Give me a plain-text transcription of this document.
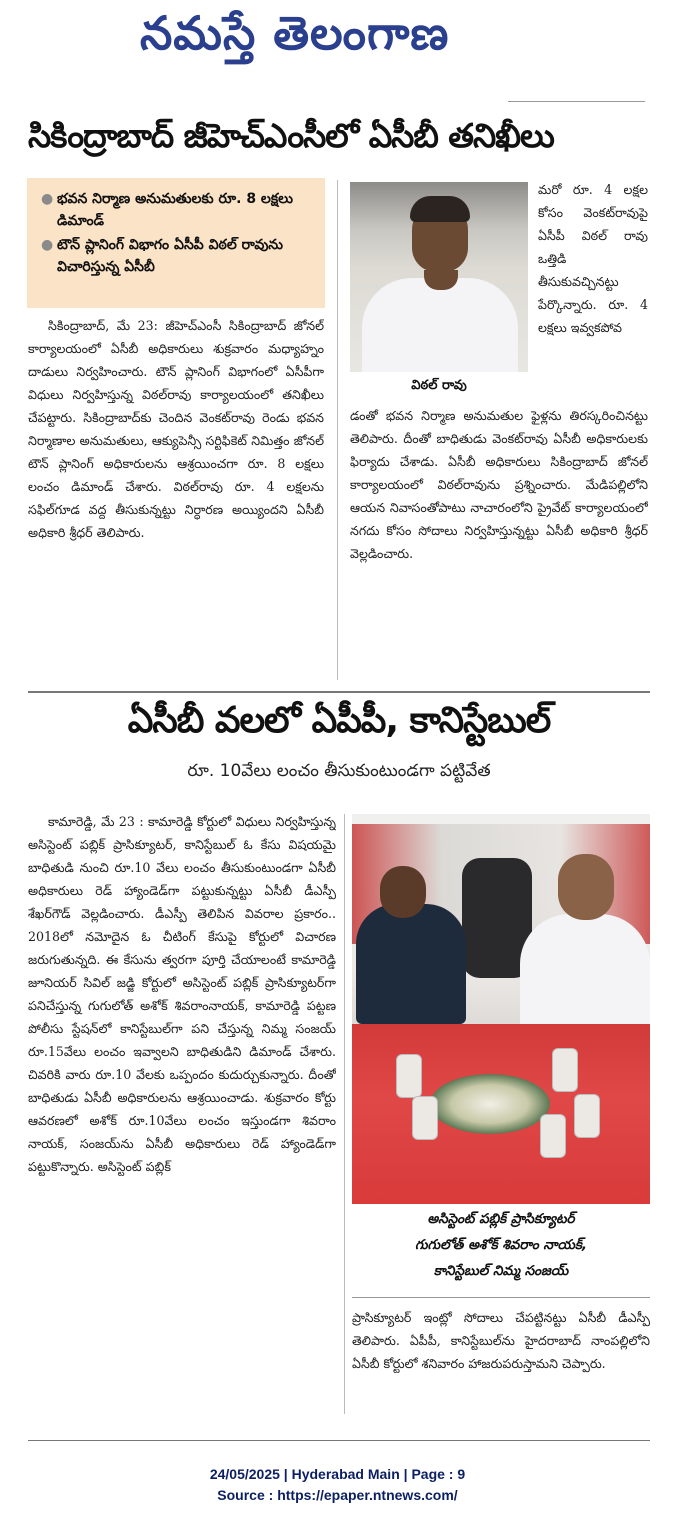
నమస్తే తెలంగాణ
సికింద్రాబాద్ జీహెచ్ఎంసీలో ఏసీబీ తనిఖీలు
● భవన నిర్మాణ అనుమతులకు రూ. 8 లక్షలు డిమాండ్
● టౌన్ ప్లానింగ్ విభాగం ఏసీపీ విఠల్ రావును విచారిస్తున్న ఏసీబీ
సికింద్రాబాద్, మే 23: జీహెచ్ఎంసీ సికింద్రాబాద్ జోనల్ కార్యాలయంలో ఏసీబీ అధికారులు శుక్రవారం మధ్యాహ్నం దాడులు నిర్వహించారు. టౌన్ ప్లానింగ్ విభాగంలో ఏసీపీగా విధులు నిర్వహిస్తున్న విఠల్‌రావు కార్యాలయంలో తనిఖీలు చేపట్టారు. సికింద్రాబాద్‌కు చెందిన వెంకట్‌రావు రెండు భవన నిర్మాణాల అనుమతులు, ఆక్యుపెన్సీ సర్టిఫికెట్ నిమిత్తం జోనల్ టౌన్ ప్లానింగ్ అధికారులను ఆశ్రయించగా రూ. 8 లక్షలు లంచం డిమాండ్ చేశారు. విఠల్‌రావు రూ. 4 లక్షలను సఫిల్‌గూడ వద్ద తీసుకున్నట్టు నిర్ధారణ అయ్యిందని ఏసీబీ అధికారి శ్రీధర్ తెలిపారు.
విఠల్ రావు
మరో రూ. 4 లక్షల కోసం వెంకట్‌రావుపై ఏసీపీ విఠల్ రావు ఒత్తిడి తీసుకువచ్చినట్టు పేర్కొన్నారు. రూ. 4 లక్షలు ఇవ్వకపోవ
డంతో భవన నిర్మాణ అనుమతుల ఫైళ్లను తిరస్కరించినట్టు తెలిపారు. దీంతో బాధితుడు వెంకట్‌రావు ఏసీబీ అధికారులకు ఫిర్యాదు చేశాడు. ఏసీబీ అధికారులు సికింద్రాబాద్ జోనల్ కార్యాలయంలో విఠల్‌రావును ప్రశ్నించారు. మేడిపల్లిలోని ఆయన నివాసంతోపాటు నాచారంలోని ప్రైవేట్ కార్యాలయంలో నగదు కోసం సోదాలు నిర్వహిస్తున్నట్టు ఏసీబీ అధికారి శ్రీధర్ వెల్లడించారు.
ఏసీబీ వలలో ఏపీపీ, కానిస్టేబుల్
రూ. 10వేలు లంచం తీసుకుంటుండగా పట్టివేత
కామారెడ్డి, మే 23 : కామారెడ్డి కోర్టులో విధులు నిర్వహిస్తున్న అసిస్టెంట్ పబ్లిక్ ప్రాసిక్యూటర్, కానిస్టేబుల్ ఓ కేసు విషయమై బాధితుడి నుంచి రూ.10 వేలు లంచం తీసుకుంటుండగా ఏసీబీ అధికారులు రెడ్ హ్యాండెడ్‌గా పట్టుకున్నట్టు ఏసీబీ డీఎస్పీ శేఖర్‌గౌడ్ వెల్లడించారు. డీఎస్పీ తెలిపిన వివరాల ప్రకారం.. 2018లో నమోదైన ఓ చీటింగ్ కేసుపై కోర్టులో విచారణ జరుగుతున్నది. ఈ కేసును త్వరగా పూర్తి చేయాలంటే కామారెడ్డి జూనియర్ సివిల్ జడ్జి కోర్టులో అసిస్టెంట్ పబ్లిక్ ప్రాసిక్యూటర్‌గా పనిచేస్తున్న గుగులోత్ అశోక్ శివరాంనాయక్, కామారెడ్డి పట్టణ పోలీసు స్టేషన్‌లో కానిస్టేబుల్‌గా పని చేస్తున్న నిమ్మ సంజయ్ రూ.15వేలు లంచం ఇవ్వాలని బాధితుడిని డిమాండ్ చేశారు. చివరికి వారు రూ.10 వేలకు ఒప్పందం కుదుర్చుకున్నారు. దీంతో బాధితుడు ఏసీబీ అధికారులను ఆశ్రయించాడు. శుక్రవారం కోర్టు ఆవరణలో అశోక్ రూ.10వేలు లంచం ఇస్తుండగా శివరాం నాయక్, సంజయ్‌ను ఏసీబీ అధికారులు రెడ్ హ్యాండెడ్‌గా పట్టుకొన్నారు. అసిస్టెంట్ పబ్లిక్
అసిస్టెంట్ పబ్లిక్ ప్రాసిక్యూటర్
గుగులోత్ అశోక్ శివరాం నాయక్,
కానిస్టేబుల్ నిమ్మ సంజయ్
ప్రాసిక్యూటర్ ఇంట్లో సోదాలు చేపట్టినట్టు ఏసీబీ డీఎస్పీ తెలిపారు. ఏపీపీ, కానిస్టేబుల్‌ను హైదరాబాద్ నాంపల్లిలోని ఏసీబీ కోర్టులో శనివారం హాజరుపరుస్తామని చెప్పారు.
24/05/2025 | Hyderabad Main | Page : 9
Source : https://epaper.ntnews.com/
